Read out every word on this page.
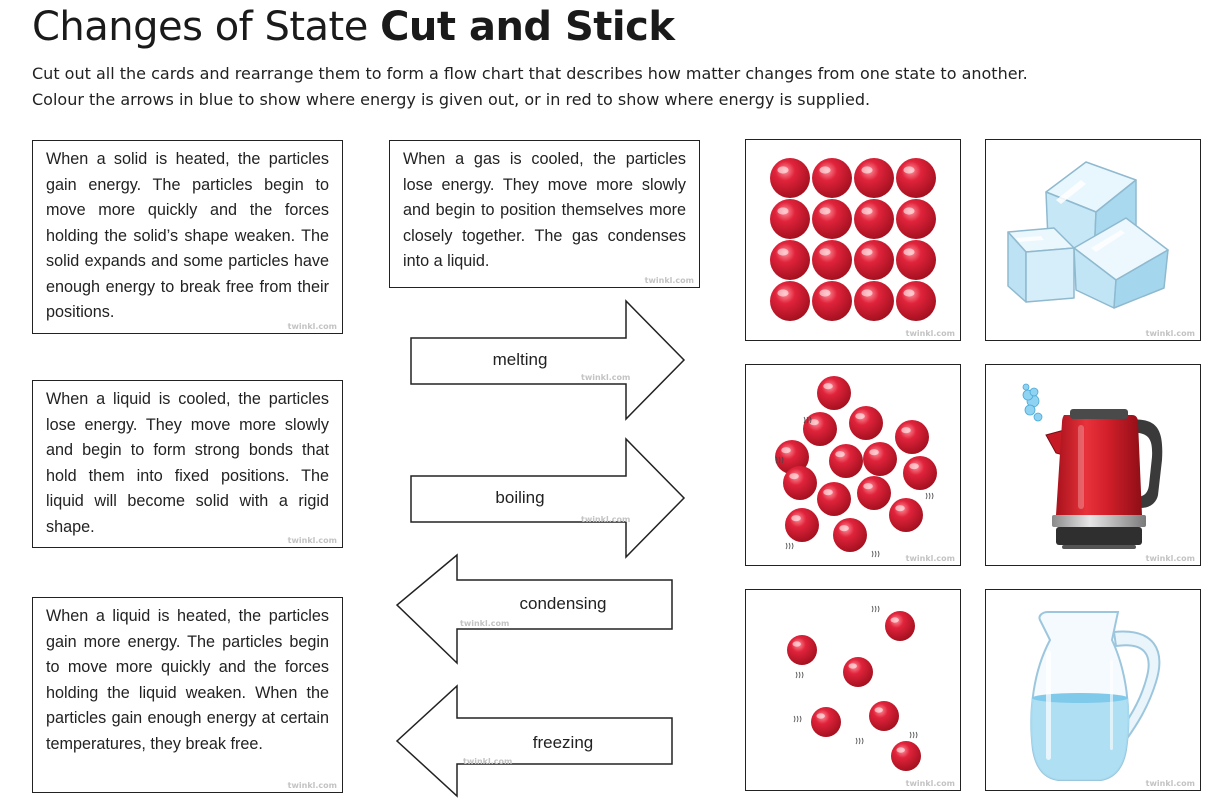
Changes of State Cut and Stick
Cut out all the cards and rearrange them to form a flow chart that describes how matter changes from one state to another.
Colour the arrows in blue to show where energy is given out, or in red to show where energy is supplied.
When a solid is heated, the particles gain energy. The particles begin to move more quickly and the forces holding the solid’s shape weaken. The solid expands and some particles have enough energy to break free from their positions.
twinkl.com
When a gas is cooled, the particles lose energy. They move more slowly and begin to position themselves more closely together. The gas condenses into a liquid.
twinkl.com
When a liquid is cooled, the particles lose energy. They move more slowly and begin to form strong bonds that hold them into fixed positions. The liquid will become solid with a rigid shape.
twinkl.com
When a liquid is heated, the particles gain more energy. The particles begin to move more quickly and the forces holding the liquid weaken. When the particles gain enough energy at certain temperatures, they break free.
twinkl.com
melting
twinkl.com
boiling
twinkl.com
condensing
twinkl.com
freezing
twinkl.com
twinkl.com	twinkl.com
twinkl.com	twinkl.com
twinkl.com	twinkl.com
